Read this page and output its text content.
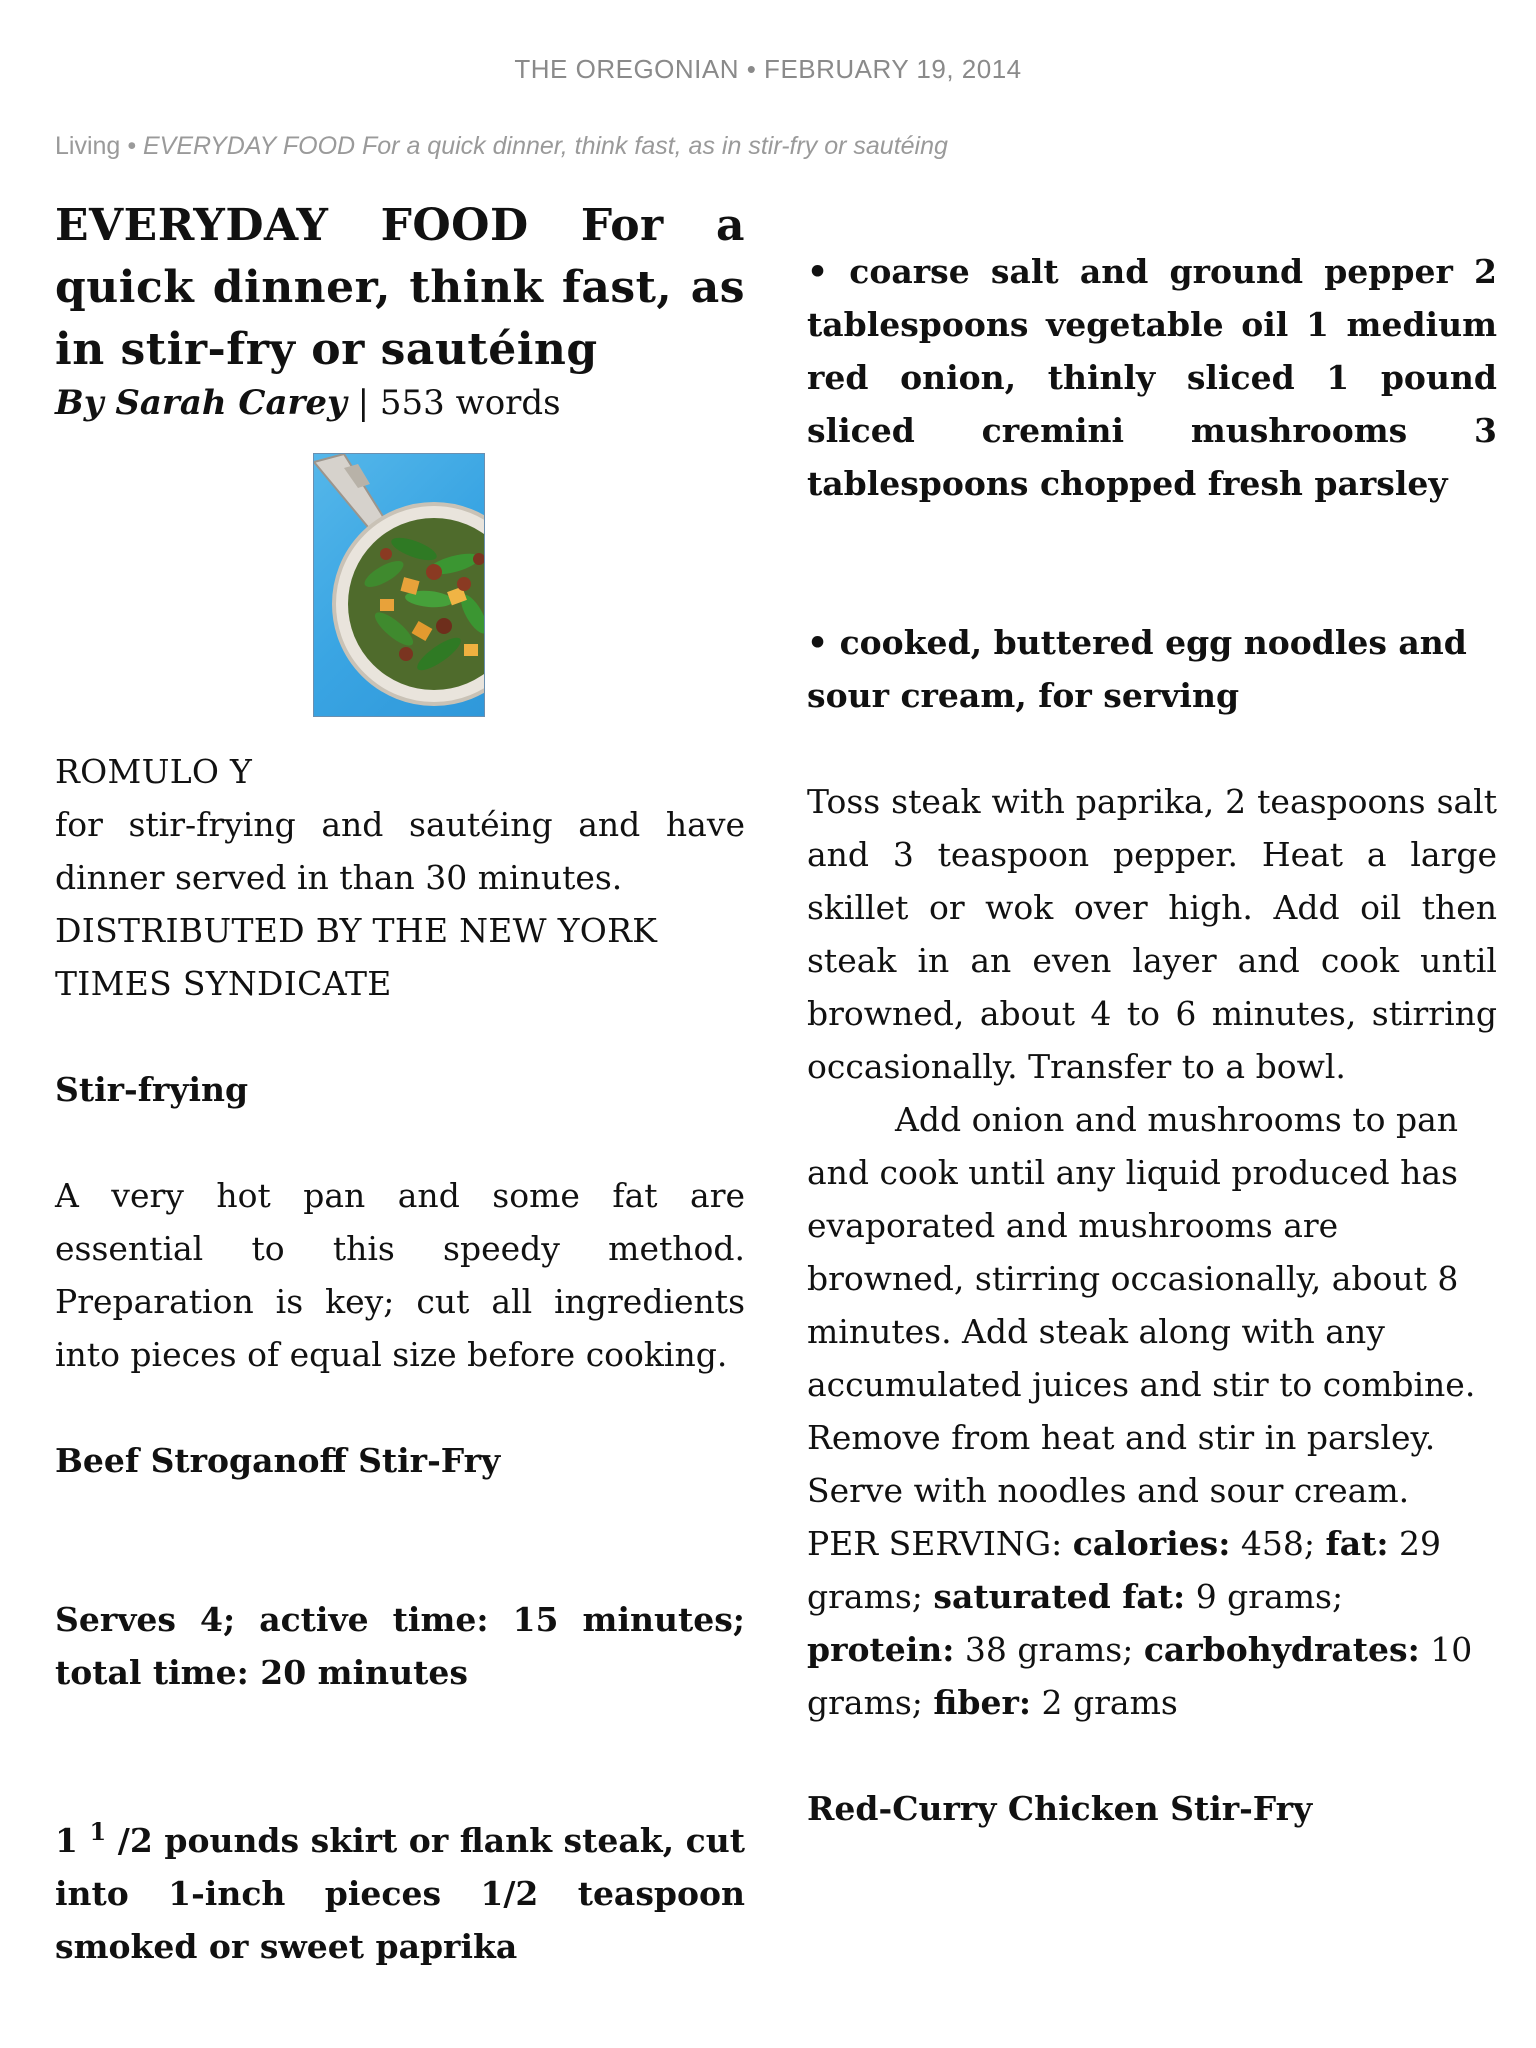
THE OREGONIAN • FEBRUARY 19, 2014
Living • EVERYDAY FOOD For a quick dinner, think fast, as in stir-fry or sautéing
EVERYDAY FOOD For a quick dinner, think fast, as in stir-fry or sautéing

By Sarah Carey | 553 words

ROMULO Y

for stir-frying and sautéing and have dinner served in than 30 minutes.

DISTRIBUTED BY THE NEW YORK TIMES SYNDICATE

Stir-frying

A very hot pan and some fat are essential to this speedy method. Preparation is key; cut all ingredients into pieces of equal size before cooking.

Beef Stroganoff Stir-Fry

Serves 4; active time: 15 minutes; total time: 20 minutes

1 $^1$ /2 pounds skirt or flank steak, cut into 1-inch pieces 1/2 teaspoon smoked or sweet paprika

• coarse salt and ground pepper 2 tablespoons vegetable oil 1 medium red onion, thinly sliced 1 pound sliced cremini mushrooms 3 tablespoons chopped fresh parsley

• cooked, buttered egg noodles and sour cream, for serving

Toss steak with paprika, 2 teaspoons salt and 3 teaspoon pepper. Heat a large skillet or wok over high. Add oil then steak in an even layer and cook until browned, about 4 to 6 minutes, stirring occasionally. Transfer to a bowl.

Add onion and mushrooms to pan and cook until any liquid produced has evaporated and mushrooms are browned, stirring occasionally, about 8 minutes. Add steak along with any accumulated juices and stir to combine. Remove from heat and stir in parsley. Serve with noodles and sour cream.

PER SERVING: calories: 458; fat: 29 grams; saturated fat: 9 grams; protein: 38 grams; carbohydrates: 10 grams; fiber: 2 grams

Red-Curry Chicken Stir-Fry
